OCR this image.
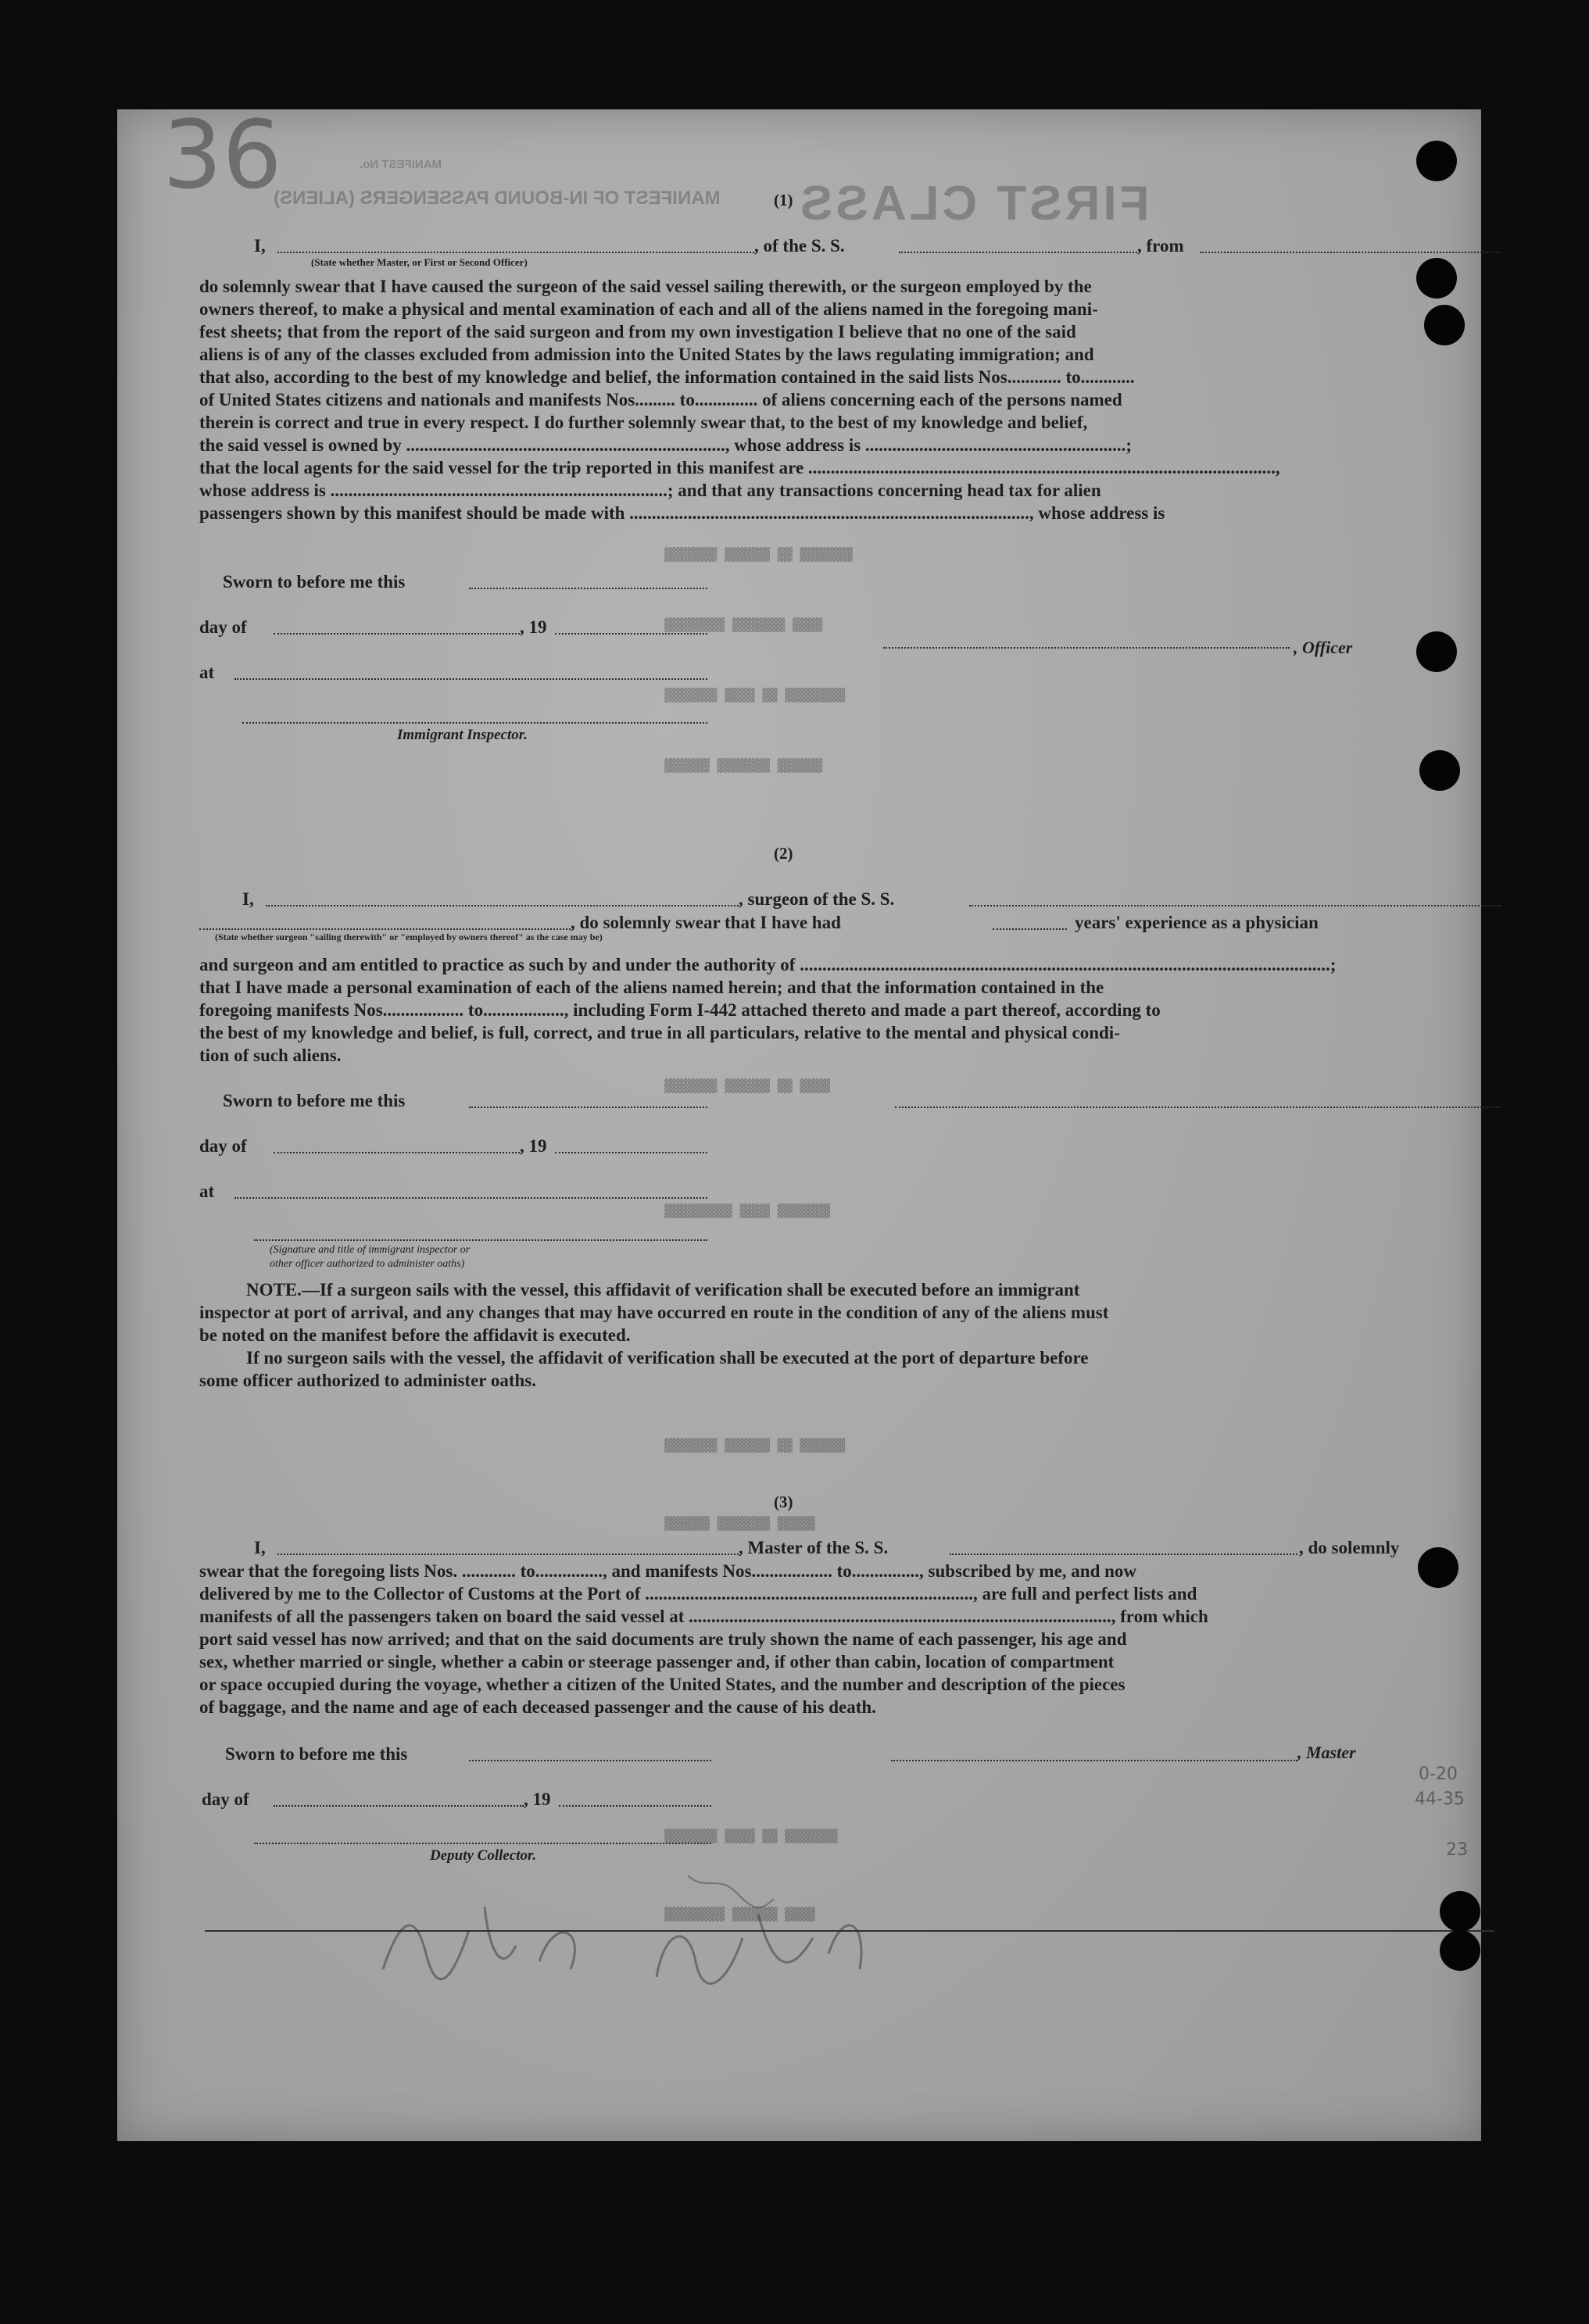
36	FIRST CLASS
MANIFEST OF IN-BOUND PASSENGERS (ALIENS)
MANIFEST No.
▓▓▓▓▓▓▓ ▓▓▓▓▓▓ ▓▓ ▓▓▓▓▓▓▓
▓▓▓▓▓▓▓▓ ▓▓▓▓▓▓▓ ▓▓▓▓
▓▓▓▓▓▓▓ ▓▓▓▓ ▓▓ ▓▓▓▓▓▓▓▓
▓▓▓▓▓▓ ▓▓▓▓▓▓▓ ▓▓▓▓▓▓
▓▓▓▓▓▓▓ ▓▓▓▓▓▓ ▓▓ ▓▓▓▓
▓▓▓▓▓▓▓▓▓ ▓▓▓▓ ▓▓▓▓▓▓▓
▓▓▓▓▓▓▓ ▓▓▓▓▓▓ ▓▓ ▓▓▓▓▓▓
▓▓▓▓▓▓ ▓▓▓▓▓▓▓ ▓▓▓▓▓
▓▓▓▓▓▓▓ ▓▓▓▓ ▓▓ ▓▓▓▓▓▓▓
▓▓▓▓▓▓▓▓ ▓▓▓▓▓▓ ▓▓▓▓
(1)
I,	, of the S. S.	, from
(State whether Master, or First or Second Officer)
do solemnly swear that I have caused the surgeon of the said vessel sailing therewith, or the surgeon employed by the
owners thereof, to make a physical and mental examination of each and all of the aliens named in the foregoing mani-
fest sheets; that from the report of the said surgeon and from my own investigation I believe that no one of the said
aliens is of any of the classes excluded from admission into the United States by the laws regulating immigration; and
that also, according to the best of my knowledge and belief, the information contained in the said lists Nos............ to............
of United States citizens and nationals and manifests Nos......... to.............. of aliens concerning each of the persons named
therein is correct and true in every respect. I do further solemnly swear that, to the best of my knowledge and belief,
the said vessel is owned by ......................................................................., whose address is ..........................................................;
that the local agents for the said vessel for the trip reported in this manifest are ........................................................................................................,
whose address is ...........................................................................; and that any transactions concerning head tax for alien
passengers shown by this manifest should be made with ........................................................................................., whose address is
Sworn to before me this
day of	, 19
, Officer
at
Immigrant Inspector.
(2)
I,	, surgeon of the S. S.
, do solemnly swear that I have had	years' experience as a physician
(State whether surgeon "sailing therewith" or "employed by owners thereof" as the case may be)
and surgeon and am entitled to practice as such by and under the authority of ......................................................................................................................;
that I have made a personal examination of each of the aliens named herein; and that the information contained in the
foregoing manifests Nos.................. to.................., including Form I-442 attached thereto and made a part thereof, according to
the best of my knowledge and belief, is full, correct, and true in all particulars, relative to the mental and physical condi-
tion of such aliens.
Sworn to before me this
day of	, 19
at
(Signature and title of immigrant inspector or
other officer authorized to administer oaths)
NOTE.—If a surgeon sails with the vessel, this affidavit of verification shall be executed before an immigrant
inspector at port of arrival, and any changes that may have occurred en route in the condition of any of the aliens must
be noted on the manifest before the affidavit is executed.
If no surgeon sails with the vessel, the affidavit of verification shall be executed at the port of departure before
some officer authorized to administer oaths.
(3)
I,	, Master of the S. S.	, do solemnly
swear that the foregoing lists Nos. ............ to..............., and manifests Nos.................. to..............., subscribed by me, and now
delivered by me to the Collector of Customs at the Port of ........................................................................., are full and perfect lists and
manifests of all the passengers taken on board the said vessel at .............................................................................................., from which
port said vessel has now arrived; and that on the said documents are truly shown the name of each passenger, his age and
sex, whether married or single, whether a cabin or steerage passenger and, if other than cabin, location of compartment
or space occupied during the voyage, whether a citizen of the United States, and the number and description of the pieces
of baggage, and the name and age of each deceased passenger and the cause of his death.
Sworn to before me this	, Master
day of	, 19
Deputy Collector.
0-20
44-35
23
